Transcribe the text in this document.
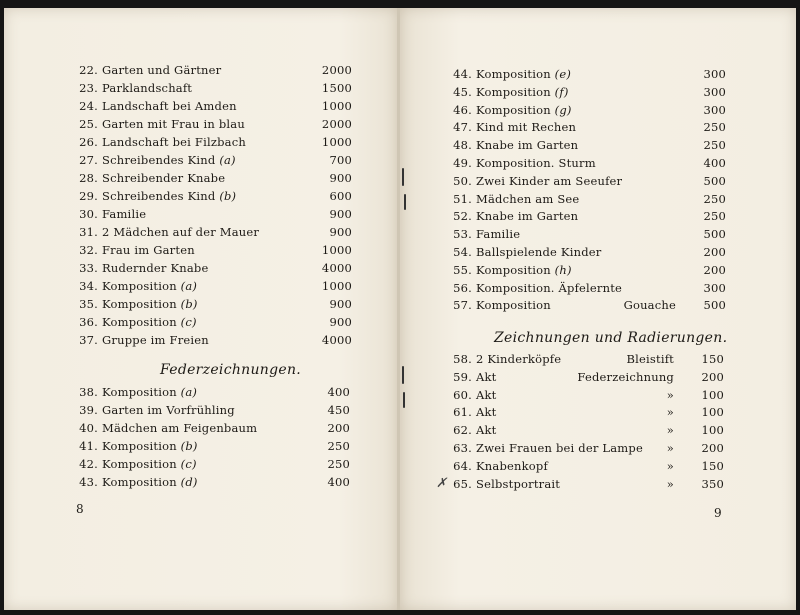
22. Garten und Gärtner	2000
23. Parklandschaft	1500
24. Landschaft bei Amden	1000
25. Garten mit Frau in blau	2000
26. Landschaft bei Filzbach	1000
27. Schreibendes Kind (a)	700
28. Schreibender Knabe	900
29. Schreibendes Kind (b)	600
30. Familie	900
31. 2 Mädchen auf der Mauer	900
32. Frau im Garten	1000
33. Rudernder Knabe	4000
34. Komposition (a)	1000
35. Komposition (b)	900
36. Komposition (c)	900
37. Gruppe im Freien	4000
38. Komposition (a)	400
39. Garten im Vorfrühling	450
40. Mädchen am Feigenbaum	200
41. Komposition (b)	250
42. Komposition (c)	250
43. Komposition (d)	400
Federzeichnungen.
8
44. Komposition (e)	300
45. Komposition (f)	300
46. Komposition (g)	300
47. Kind mit Rechen	250
48. Knabe im Garten	250
49. Komposition. Sturm	400
50. Zwei Kinder am Seeufer	500
51. Mädchen am See	250
52. Knabe im Garten	250
53. Familie	500
54. Ballspielende Kinder	200
55. Komposition (h)	200
56. Komposition. Äpfelernte	300
57. Komposition	Gouache 500
58. 2 Kinderköpfe	Bleistift 150
59. Akt	Federzeichnung 200
60. Akt	» 100
61. Akt	» 100
62. Akt	» 100
63. Zwei Frauen bei der Lampe » 200
64. Knabenkopf	» 150
65. Selbstportrait	» 350
Zeichnungen und Radierungen.
9
✗
